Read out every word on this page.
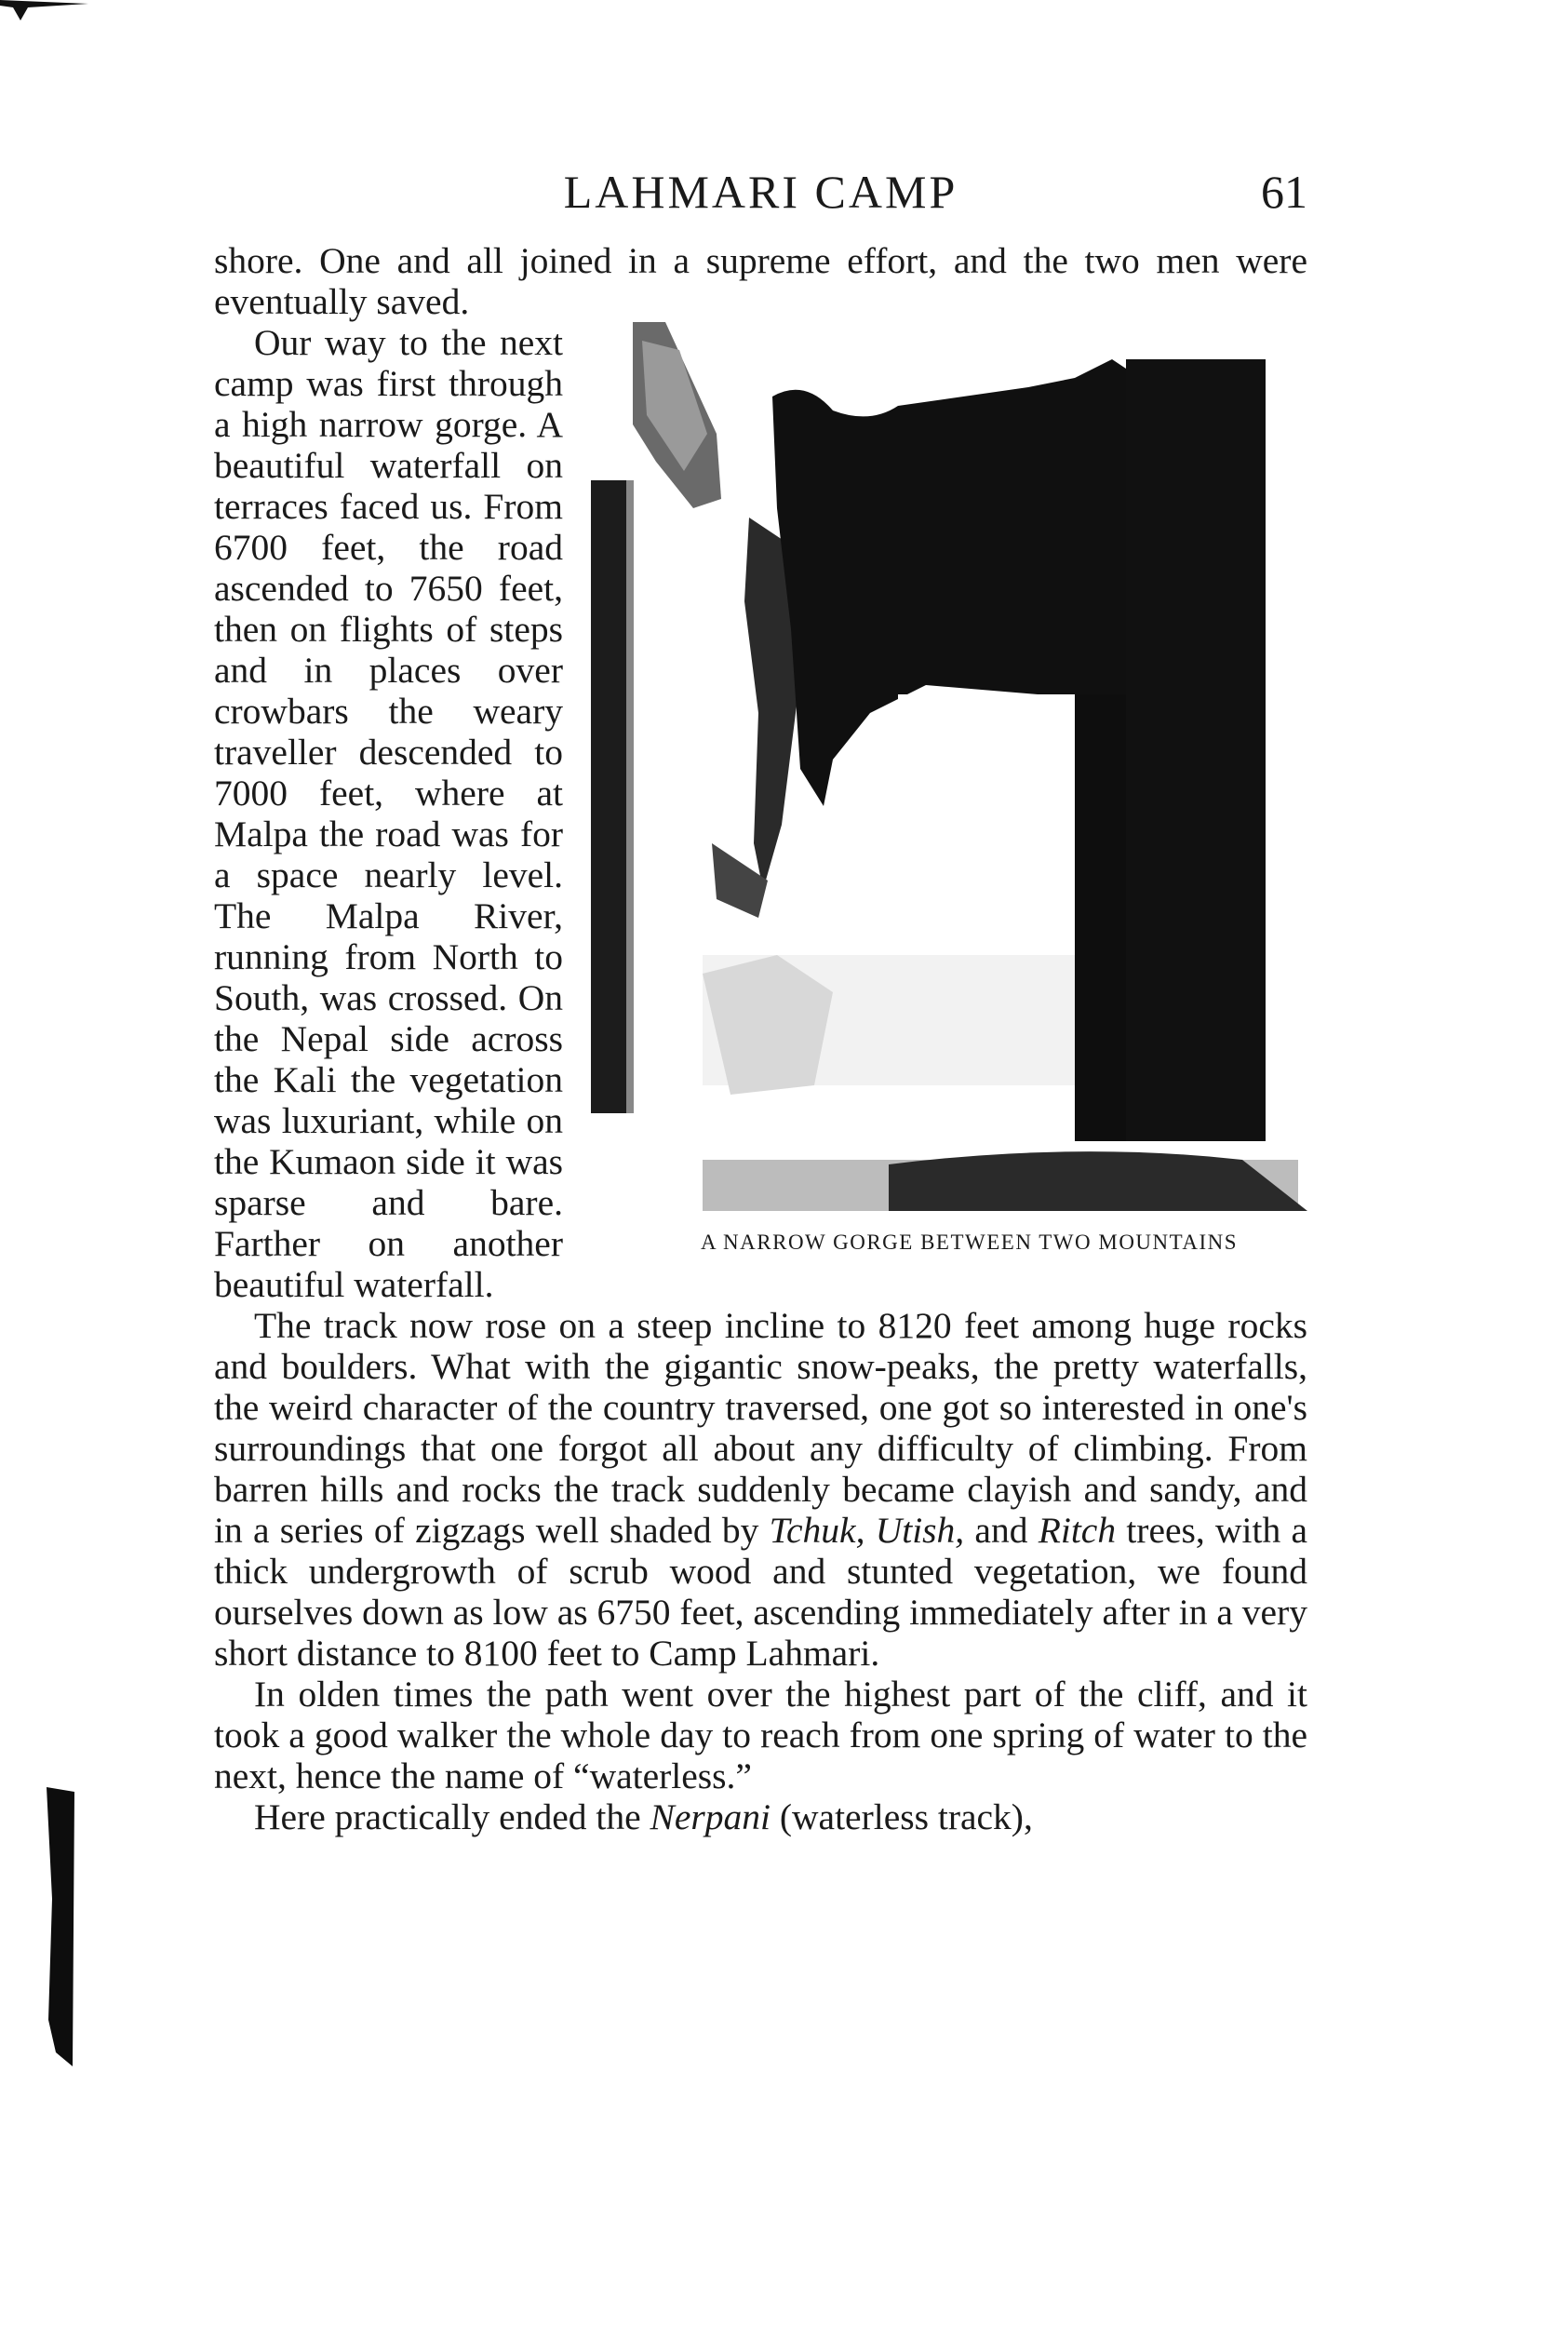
LAHMARI CAMP	61

shore. One and all joined in a supreme effort, and the two men were eventually saved.

A NARROW GORGE BETWEEN TWO MOUNTAINS
Our way to the next camp was first through a high narrow gorge. A beautiful waterfall on terraces faced us. From 6700 feet, the road ascended to 7650 feet, then on flights of steps and in places over crowbars the weary traveller descended to 7000 feet, where at Malpa the road was for a space nearly level. The Malpa River, running from North to South, was crossed. On the Nepal side across the Kali the vegetation was luxuriant, while on the Kumaon side it was sparse and bare. Farther on another beautiful waterfall.

The track now rose on a steep incline to 8120 feet among huge rocks and boulders. What with the gigantic snow-peaks, the pretty waterfalls, the weird character of the country traversed, one got so interested in one's surroundings that one forgot all about any difficulty of climbing. From barren hills and rocks the track suddenly became clayish and sandy, and in a series of zigzags well shaded by Tchuk, Utish, and Ritch trees, with a thick undergrowth of scrub wood and stunted vegetation, we found ourselves down as low as 6750 feet, ascending immediately after in a very short distance to 8100 feet to Camp Lahmari.

In olden times the path went over the highest part of the cliff, and it took a good walker the whole day to reach from one spring of water to the next, hence the name of “waterless.”

Here practically ended the Nerpani (waterless track),
